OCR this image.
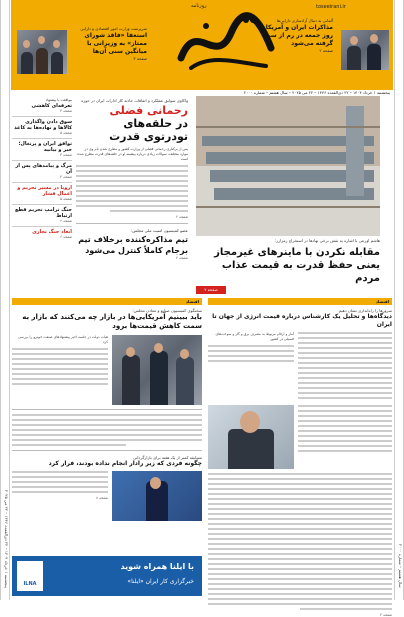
سال هشتم – شماره ۲۰۰۰
پنجشنبه ۱ خرداد ۱۴۰۴ – ۲۲ ذی‌القعده ۱۴۴۶ – ۲۲ می ۲۰۲۵
toseeirani.ir
روزنامه
آلمانی به دنبال آزادسازی دارایی‌ها
مذاکرات ایران و آمریکا روز جمعه در رم از سر گرفته می‌شود
صفحه ۲
سرپرست وزارت امور اقتصادی و دارایی
استعفا «فاقد شورای ممتاز» به وزیرانی با میانگین سنی آن‌ها
صفحه ۳
پنجشنبه ۱ خرداد ۱۴۰۴ – ۲۲ ذی‌القعده ۱۴۴۶ – ۲۲ می ۲۰۲۵ – سال هشتم – شماره ۲۰۰۰
موافقت با پیشنهاد
تعرفه‌ای کاهشی
صفحه ۳
سوق دادن واگذاری کالاها و نهاده‌ها به کاغذ
صفحه ۵
توافق ایران و پرتغال؛ خبر و بیانیه
صفحه ۳
مرگ و پیامدهای پس از آن
صفحه ۴
اروپا در مسیر تحریم و اعمال فشار
صفحه ۵
جنگ ترامپ تحریم قطع ارتباط
صفحه ۶
ابعاد جنگ تجاری
صفحه ۶
واکاوی سوابق عملکرد و اتفاقات حادثه کار ادارات ایران در حوزه
رحمانی فضلی
در حلقه‌های تودرتوی قدرت
پس از برکناری رحمانی فضلی از وزارت کشور و مطرح شدن نام وی در موارد مختلف، سوالات زیادی درباره پیشینه او در حلقه‌های قدرت مطرح شده است
صفحه ۲
عضو کمیسیون امنیت ملی مجلس:
تیم مذاکره‌کننده برخلاف تیم برجام کاملاً کنترل می‌شود
صفحه ۲
هاشم اورعی با اشاره به نقش برخی نهادها در استخراج رمزارز:
مقابله نکردن با ماینرهای غیرمجاز یعنی حفظ قدرت به قیمت عذاب مردم
صفحه ۷
اقتصاد	اقتصاد
سخنگوی کمیسیون صنایع و معادن مجلس:
باید ببینیم آمریکایی‌ها در بازار چه می‌کنند که بازار به سمت کاهش قیمت‌ها برود
هیات دولت در جلسه اخیر پیشنهادهای صنعت خودرو را بررسی کرد
مسابقه کمتر از یک هفته برای بازارگردانی
چگونه فردی که زیر رادار انجام نداده بودند، فرار کرد
صفحه ۸
ILNA
با ایلنا همراه شوید
خبرگزاری کار ایران «ایلنا»
سرورها را راه‌اندازی نشان دهیم
دیدگاه‌ها و تحلیل یک کارشناس درباره قیمت انرژی از جهان تا ایران
آمار و ارقام مربوط به مصرف برق و گاز و سوخت‌های فسیلی در کشور
صفحه ۴
